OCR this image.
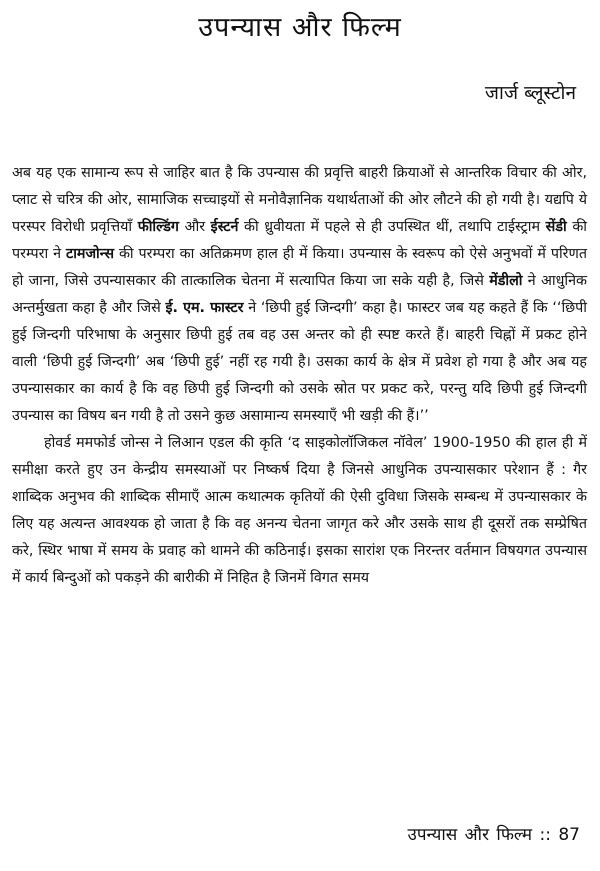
उपन्यास और फिल्म
जार्ज ब्लूस्टोन

अब यह एक सामान्य रूप से जाहिर बात है कि उपन्यास की प्रवृत्ति बाहरी क्रियाओं से आन्तरिक विचार की ओर, प्लाट से चरित्र की ओर, सामाजिक सच्चाइयों से मनोवैज्ञानिक यथार्थताओं की ओर लौटने की हो गयी है। यद्यपि ये परस्पर विरोधी प्रवृत्तियाँ फील्डिंग और ईस्टर्न की ध्रुवीयता में पहले से ही उपस्थित थीं, तथापि टाईस्ट्राम सेंडी की परम्परा ने टामजोन्स की परम्परा का अतिक्रमण हाल ही में किया। उपन्यास के स्वरूप को ऐसे अनुभवों में परिणत हो जाना, जिसे उपन्यासकार की तात्कालिक चेतना में सत्यापित किया जा सके यही है, जिसे मेंडीलो ने आधुनिक अन्तर्मुखता कहा है और जिसे ई. एम. फास्टर ने ‘छिपी हुई जिन्दगी’ कहा है। फास्टर जब यह कहते हैं कि ‘‘छिपी हुई जिन्दगी परिभाषा के अनुसार छिपी हुई तब वह उस अन्तर को ही स्पष्ट करते हैं। बाहरी चिह्नों में प्रकट होने वाली ‘छिपी हुई जिन्दगी’ अब ‘छिपी हुई’ नहीं रह गयी है। उसका कार्य के क्षेत्र में प्रवेश हो गया है और अब यह उपन्यासकार का कार्य है कि वह छिपी हुई जिन्दगी को उसके स्रोत पर प्रकट करे, परन्तु यदि छिपी हुई जिन्दगी उपन्यास का विषय बन गयी है तो उसने कुछ असामान्य समस्याएँ भी खड़ी की हैं।’’

होवर्ड ममफोर्ड जोन्स ने लिआन एडल की कृति ‘द साइकोलॉजिकल नॉवेल’ 1900-1950 की हाल ही में समीक्षा करते हुए उन केन्द्रीय समस्याओं पर निष्कर्ष दिया है जिनसे आधुनिक उपन्यासकार परेशान हैं : गैर शाब्दिक अनुभव की शाब्दिक सीमाएँ आत्म कथात्मक कृतियों की ऐसी दुविधा जिसके सम्बन्ध में उपन्यासकार के लिए यह अत्यन्त आवश्यक हो जाता है कि वह अनन्य चेतना जागृत करे और उसके साथ ही दूसरों तक सम्प्रेषित करे, स्थिर भाषा में समय के प्रवाह को थामने की कठिनाई। इसका सारांश एक निरन्तर वर्तमान विषयगत उपन्यास में कार्य बिन्दुओं को पकड़ने की बारीकी में निहित है जिनमें विगत समय

उपन्यास और फिल्म :: 87
